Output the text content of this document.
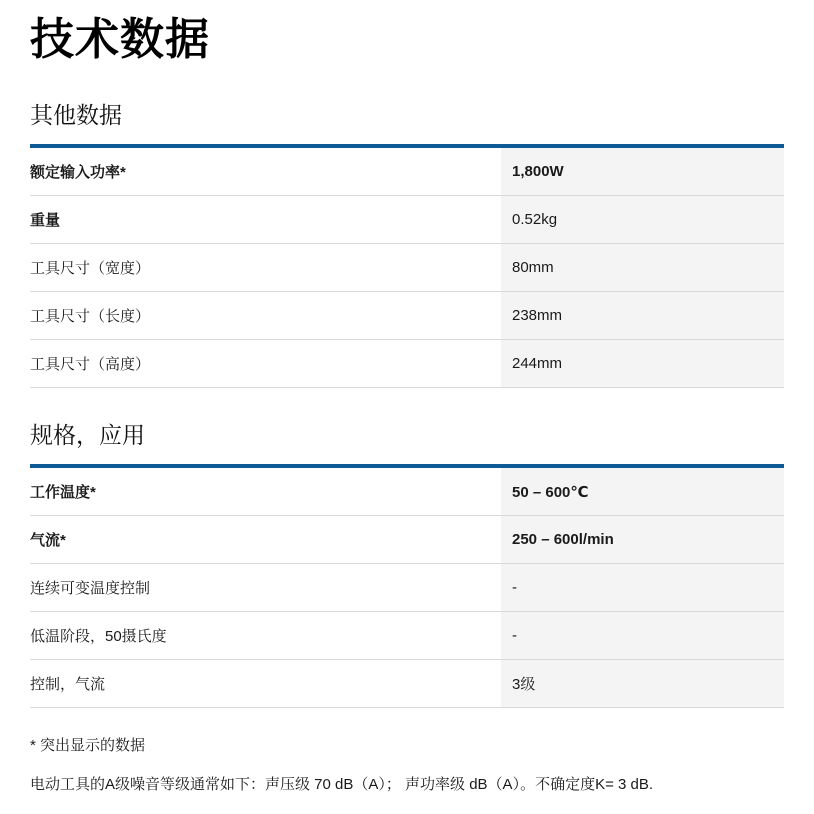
技术数据
其他数据
额定输入功率*	1,800W
重量	0.52kg
工具尺寸（宽度）	80mm
工具尺寸（长度）	238mm
工具尺寸（高度）	244mm
规格，应用
工作温度*	50 – 600℃
气流*	250 – 600l/min
连续可变温度控制	-
低温阶段，50摄氏度	-
控制，气流	3级
* 突出显示的数据
电动工具的A级噪音等级通常如下：声压级 70 dB（A）； 声功率级 dB（A）。不确定度K= 3 dB.
